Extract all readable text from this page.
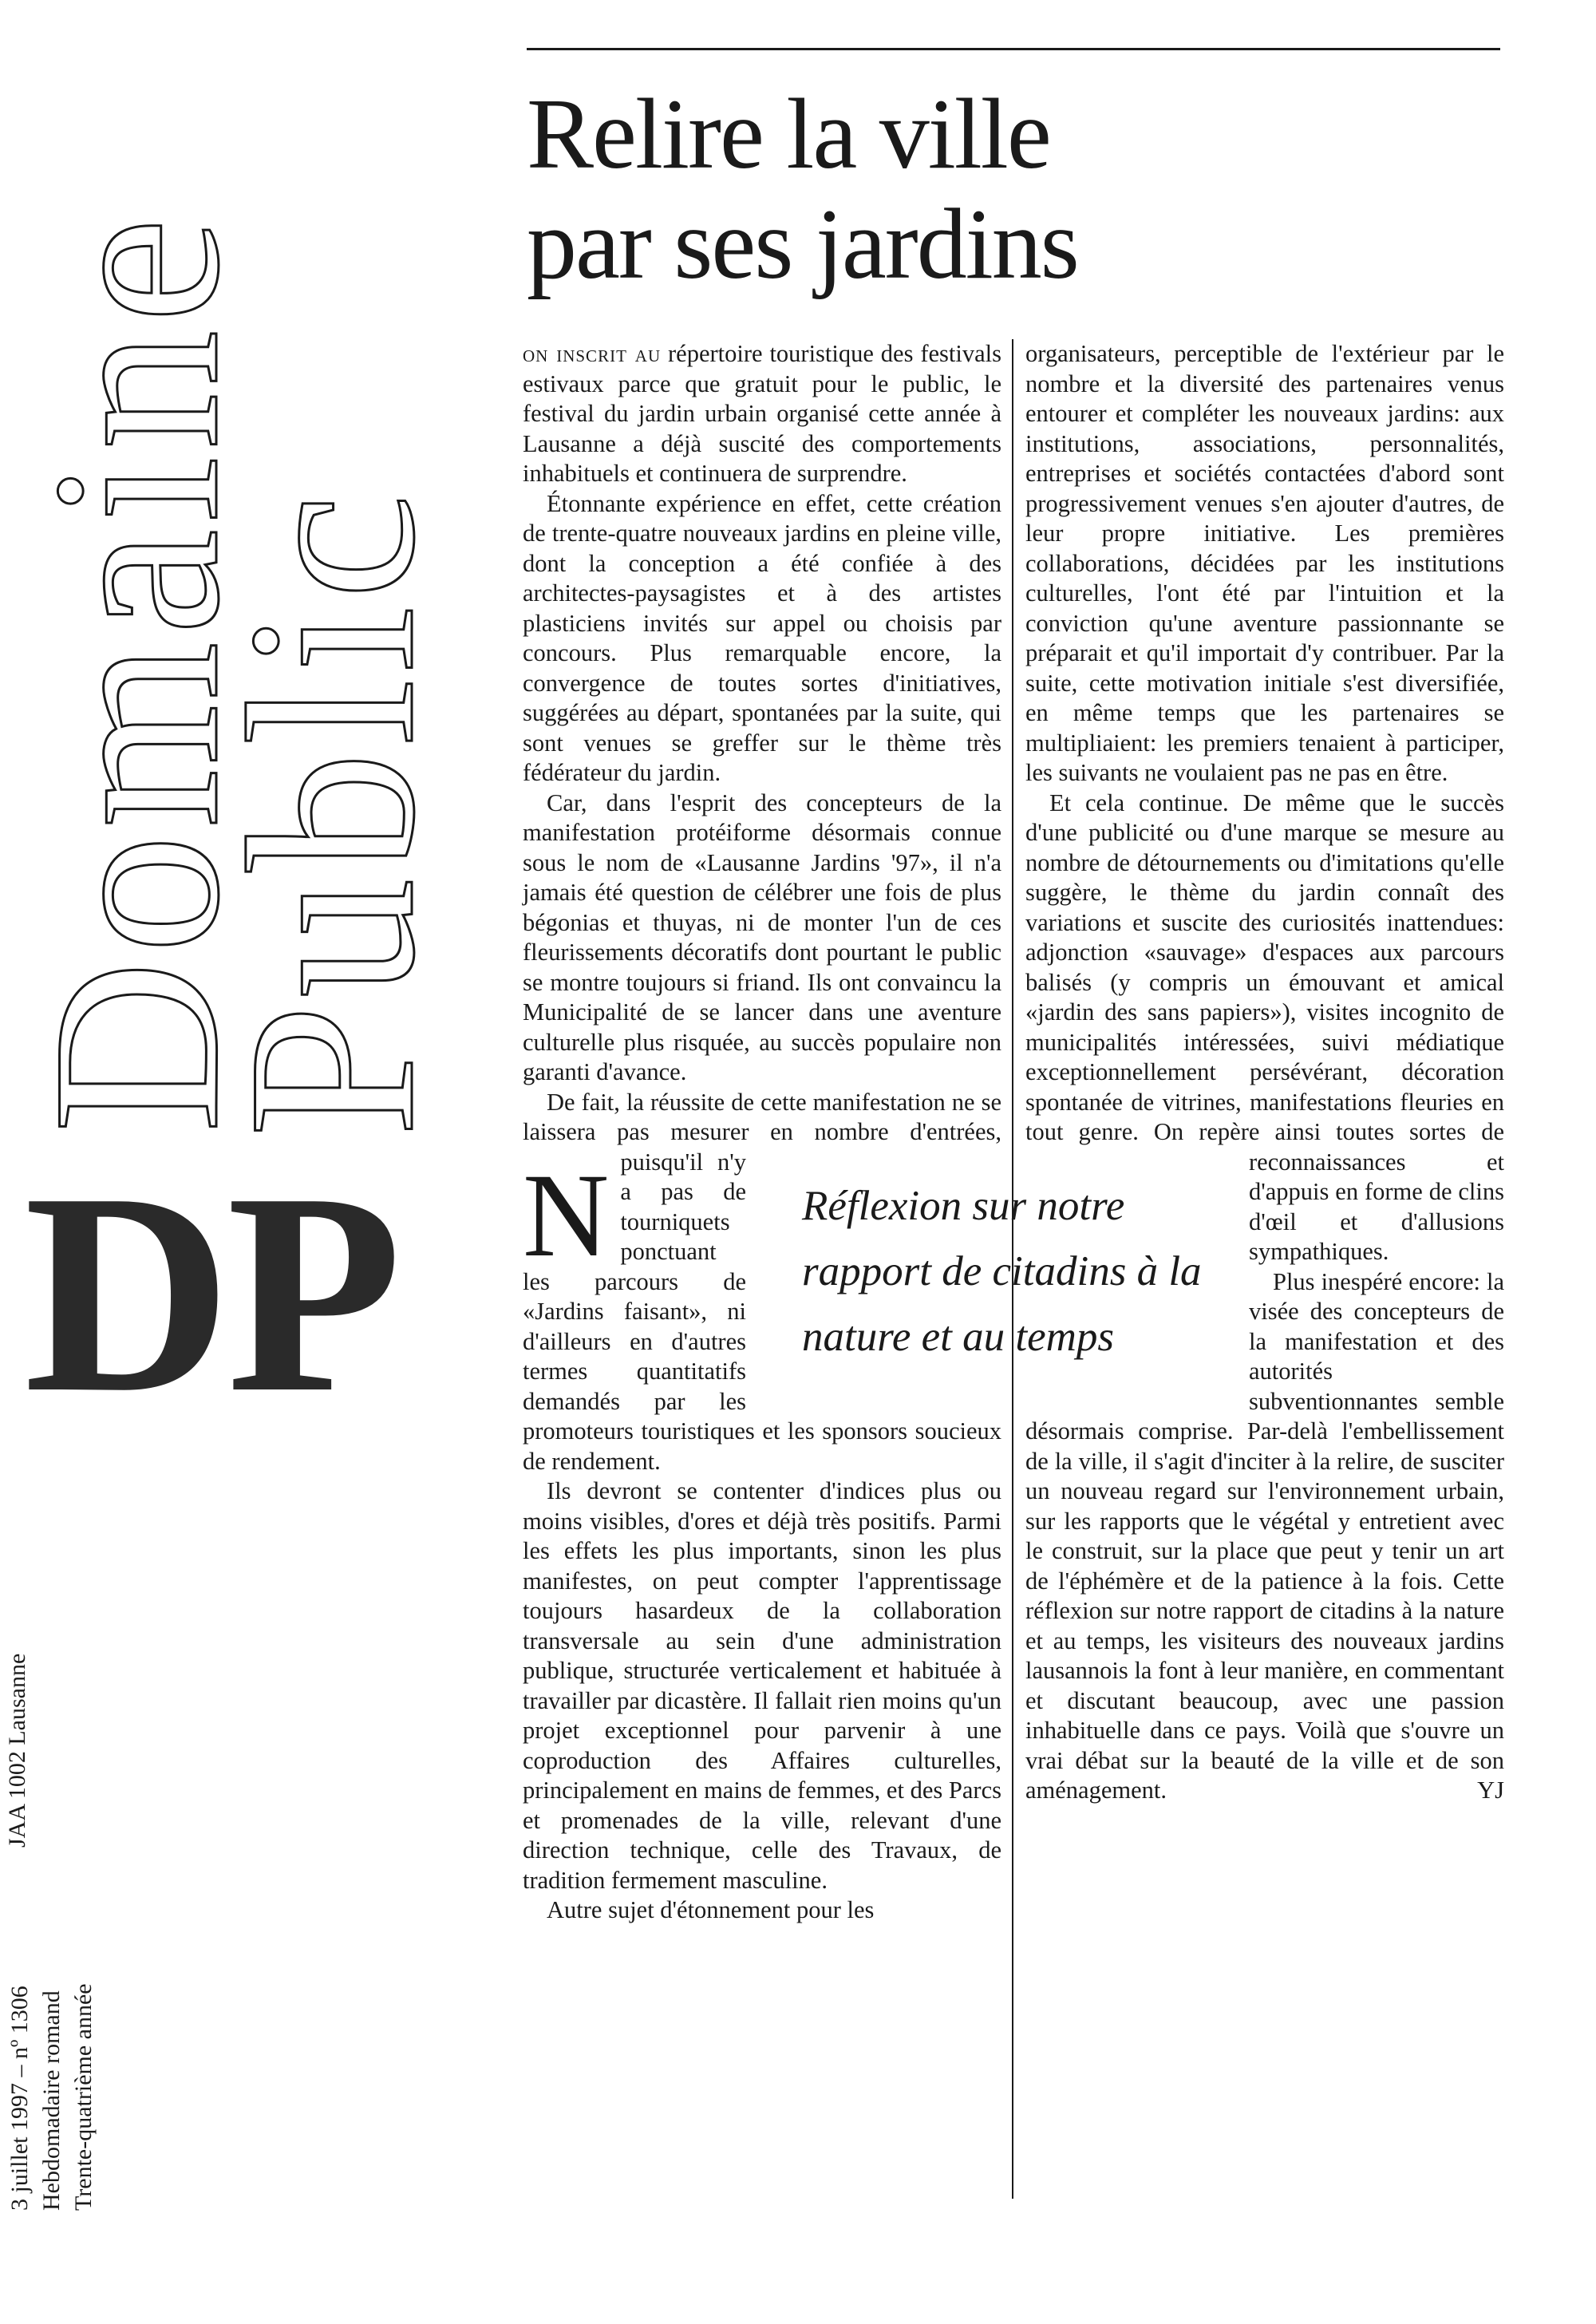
Domaine
Public
DP
JAA 1002 Lausanne
3 juillet 1997 – nº 1306 Hebdomadaire romand Trente-quatrième année
Relire la ville
par ses jardins

N
on inscrit au répertoire touristique des festivals estivaux parce que gratuit pour le public, le festival du jardin urbain organisé cette année à Lausanne a déjà suscité des comportements inhabituels et continuera de surprendre.

Étonnante expérience en effet, cette création de trente-quatre nouveaux jardins en pleine ville, dont la conception a été confiée à des architectes-paysagistes et à des artistes plasticiens invités sur appel ou choisis par concours. Plus remarquable encore, la convergence de toutes sortes d'initiatives, suggérées au départ, spontanées par la suite, qui sont venues se greffer sur le thème très fédérateur du jardin.

Car, dans l'esprit des concepteurs de la manifestation protéiforme désormais connue sous le nom de «Lausanne Jardins '97», il n'a jamais été question de célébrer une fois de plus bégonias et thuyas, ni de monter l'un de ces fleurissements décoratifs dont pourtant le public se montre toujours si friand. Ils ont convaincu la Municipalité de se lancer dans une aventure culturelle plus risquée, au succès populaire non garanti d'avance.

De fait, la réussite de cette manifestation ne se laissera pas mesurer en nombre d'entrées, puisqu'il n'y a pas de tourniquets ponctuant les parcours de «Jardins faisant», ni d'ailleurs en d'autres termes quantitatifs demandés par les promoteurs touristiques et les sponsors soucieux de rendement.

Ils devront se contenter d'indices plus ou moins visibles, d'ores et déjà très positifs. Parmi les effets les plus importants, sinon les plus manifestes, on peut compter l'apprentissage toujours hasardeux de la collaboration transversale au sein d'une administration publique, structurée verticalement et habituée à travailler par dicastère. Il fallait rien moins qu'un projet exceptionnel pour parvenir à une coproduction des Affaires culturelles, principalement en mains de femmes, et des Parcs et promenades de la ville, relevant d'une direction technique, celle des Travaux, de tradition fermement masculine.

Autre sujet d'étonnement pour les

organisateurs, perceptible de l'extérieur par le nombre et la diversité des partenaires venus entourer et compléter les nouveaux jardins: aux institutions, associations, personnalités, entreprises et sociétés contactées d'abord sont progressivement venues s'en ajouter d'autres, de leur propre initiative. Les premières collaborations, décidées par les institutions culturelles, l'ont été par l'intuition et la conviction qu'une aventure passionnante se préparait et qu'il importait d'y contribuer. Par la suite, cette motivation initiale s'est diversifiée, en même temps que les partenaires se multipliaient: les premiers tenaient à participer, les suivants ne voulaient pas ne pas en être.

Et cela continue. De même que le succès d'une publicité ou d'une marque se mesure au nombre de détournements ou d'imitations qu'elle suggère, le thème du jardin connaît des variations et suscite des curiosités inattendues: adjonction «sauvage» d'espaces aux parcours balisés (y compris un émouvant et amical «jardin des sans papiers»), visites incognito de municipalités intéressées, suivi médiatique exceptionnellement persévérant, décoration spontanée de vitrines, manifestations fleuries en tout genre. On repère ainsi toutes sortes de reconnaissances et d'appuis en forme de clins d'œil et d'allusions sympathiques.

Plus inespéré encore: la visée des concepteurs de la manifestation et des autorités subventionnantes semble désormais comprise. Par-delà l'embellissement de la ville, il s'agit d'inciter à la relire, de susciter un nouveau regard sur l'environnement urbain, sur les rapports que le végétal y entretient avec le construit, sur la place que peut y tenir un art de l'éphémère et de la patience à la fois. Cette réflexion sur notre rapport de citadins à la nature et au temps, les visiteurs des nouveaux jardins lausannois la font à leur manière, en commentant et discutant beaucoup, avec une passion inhabituelle dans ce pays. Voilà que s'ouvre un vrai débat sur la beauté de la ville et de son aménagement.	YJ

Réflexion sur notre rapport de citadins à la nature et au temps
